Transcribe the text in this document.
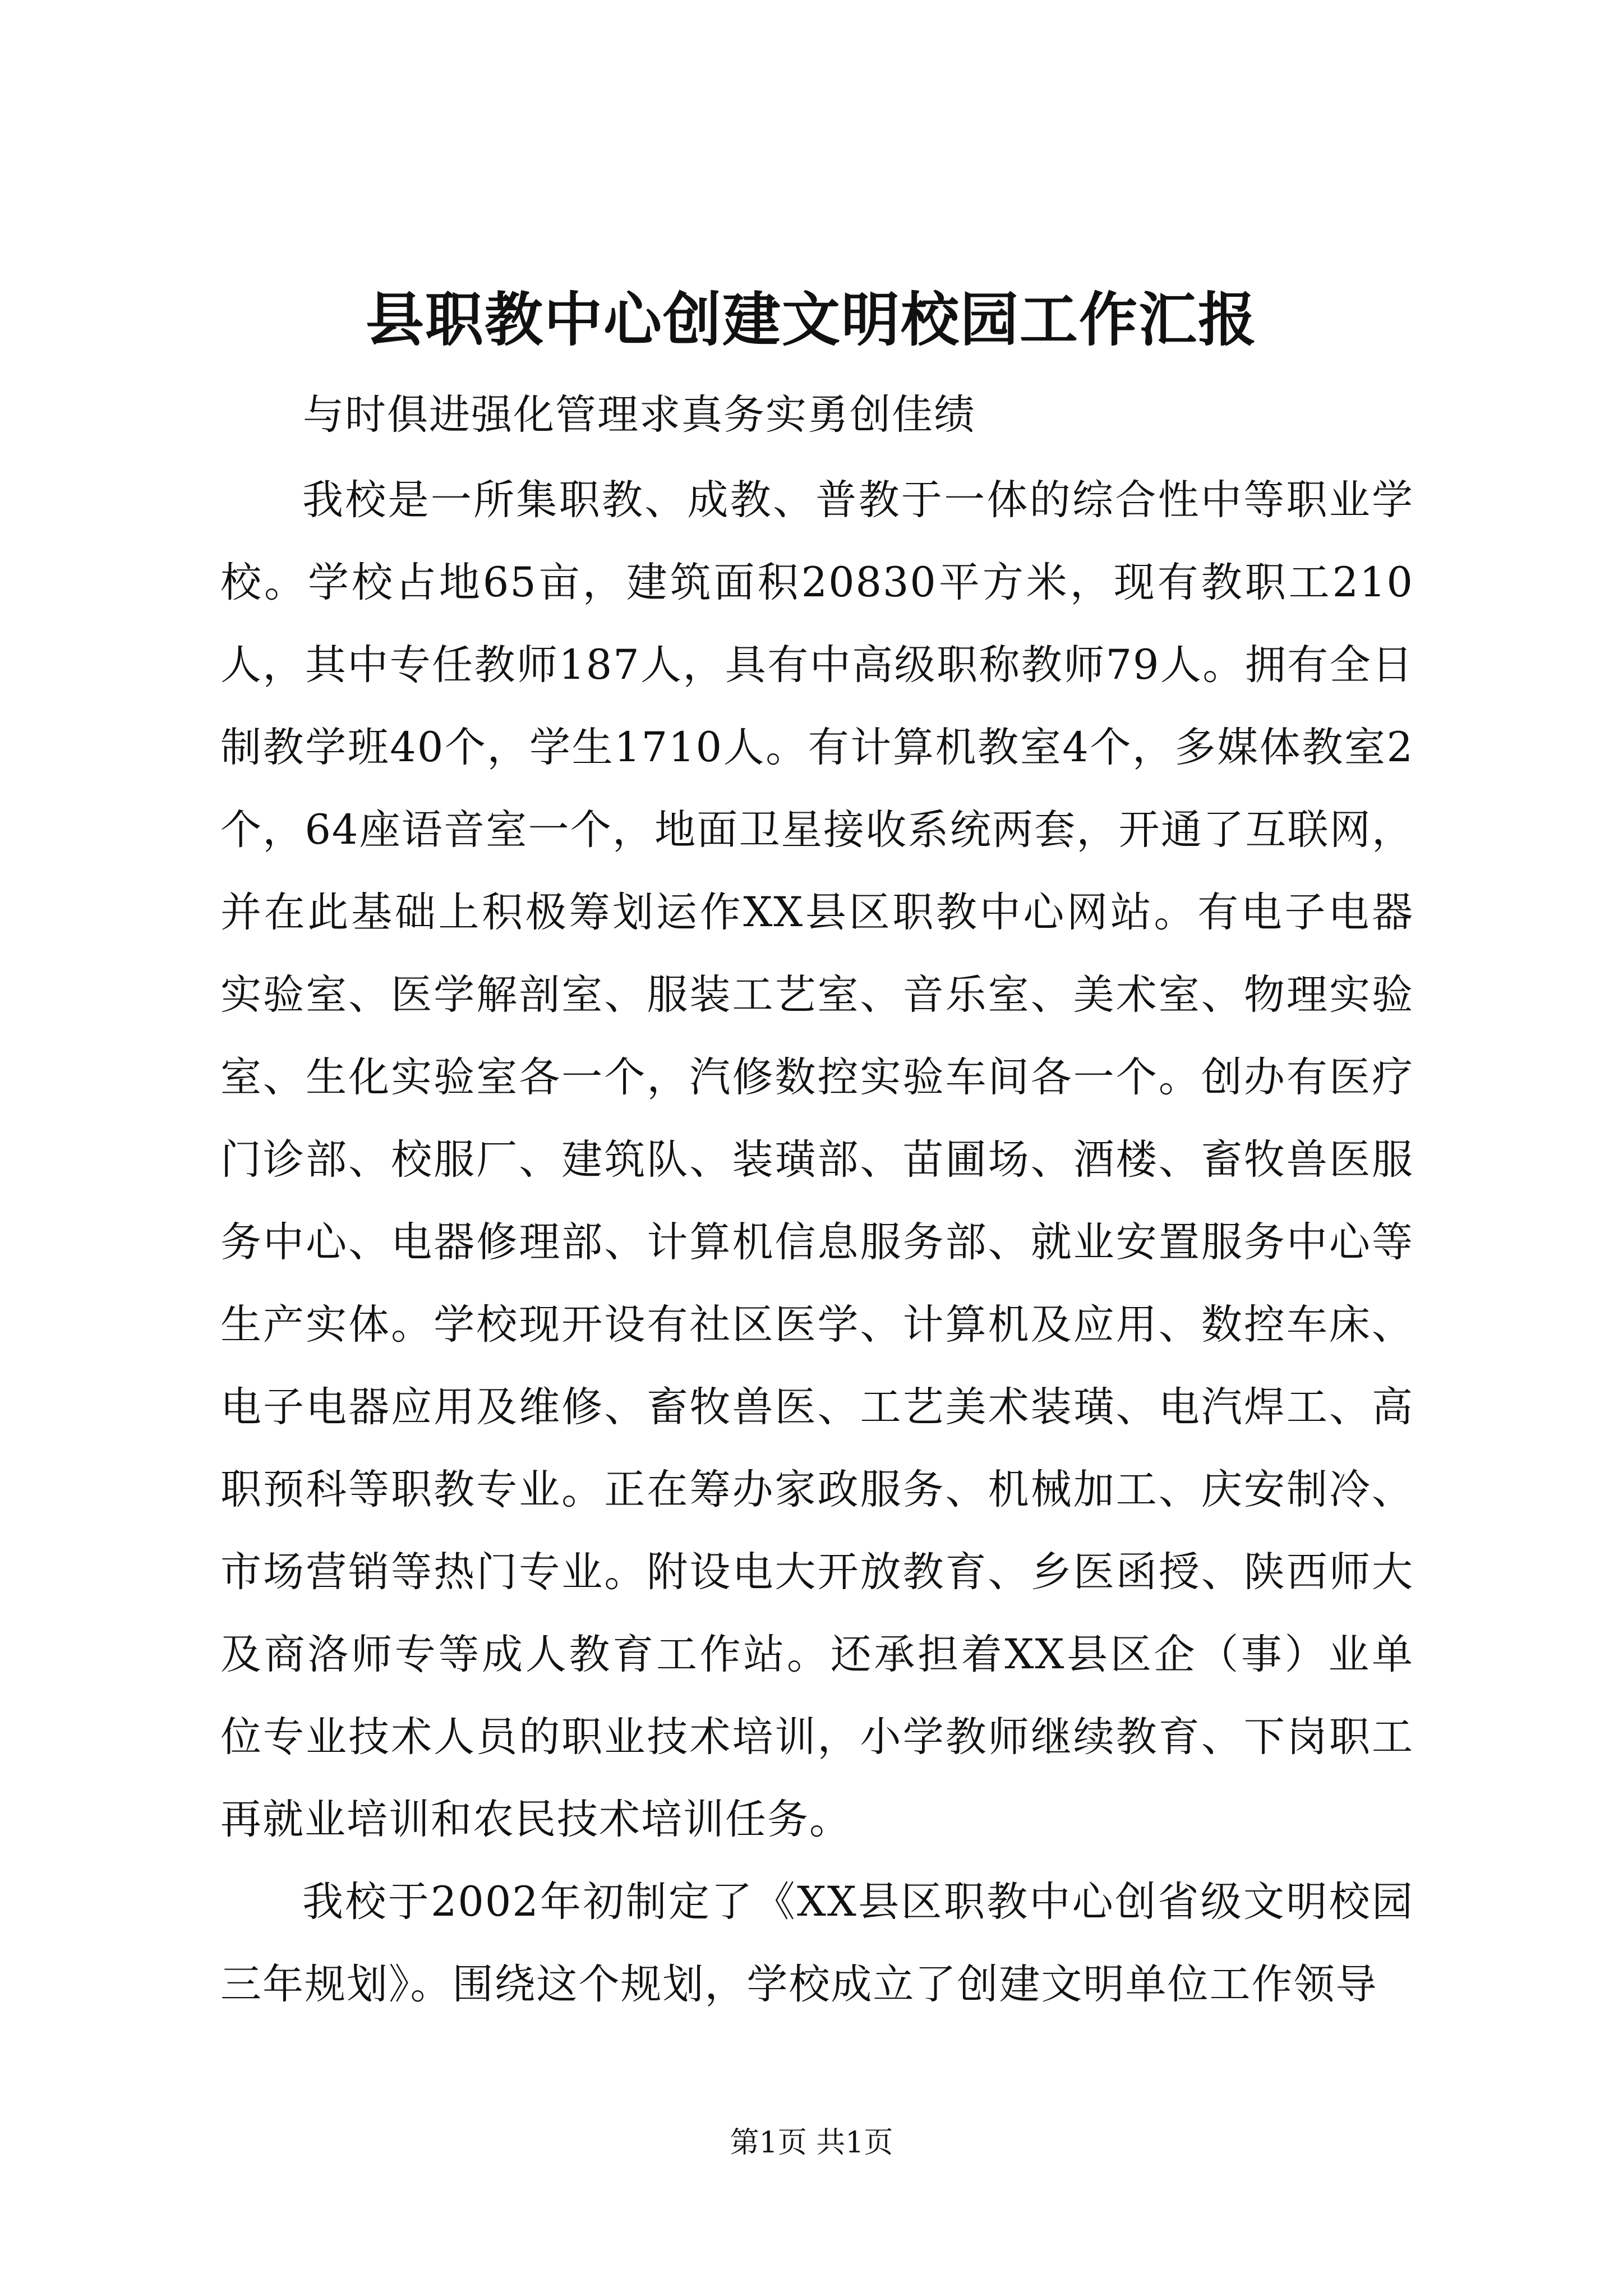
县职教中心创建文明校园工作汇报
与时俱进强化管理求真务实勇创佳绩

我校是一所集职教、成教、普教于一体的综合性中等职业学校。学校占地65亩，建筑面积20830平方米，现有教职工210人，其中专任教师187人，具有中高级职称教师79人。拥有全日制教学班40个，学生1710人。有计算机教室4个，多媒体教室2个，64座语音室一个，地面卫星接收系统两套，开通了互联网，并在此基础上积极筹划运作XX县区职教中心网站。有电子电器实验室、医学解剖室、服装工艺室、音乐室、美术室、物理实验室、生化实验室各一个，汽修数控实验车间各一个。创办有医疗门诊部、校服厂、建筑队、装璜部、苗圃场、酒楼、畜牧兽医服务中心、电器修理部、计算机信息服务部、就业安置服务中心等生产实体。学校现开设有社区医学、计算机及应用、数控车床、电子电器应用及维修、畜牧兽医、工艺美术装璜、电汽焊工、高职预科等职教专业。正在筹办家政服务、机械加工、庆安制冷、市场营销等热门专业。附设电大开放教育、乡医函授、陕西师大及商洛师专等成人教育工作站。还承担着XX县区企（事）业单位专业技术人员的职业技术培训，小学教师继续教育、下岗职工再就业培训和农民技术培训任务。

我校于2002年初制定了《XX县区职教中心创省级文明校园三年规划》。围绕这个规划，学校成立了创建文明单位工作领导

第1页 共1页
